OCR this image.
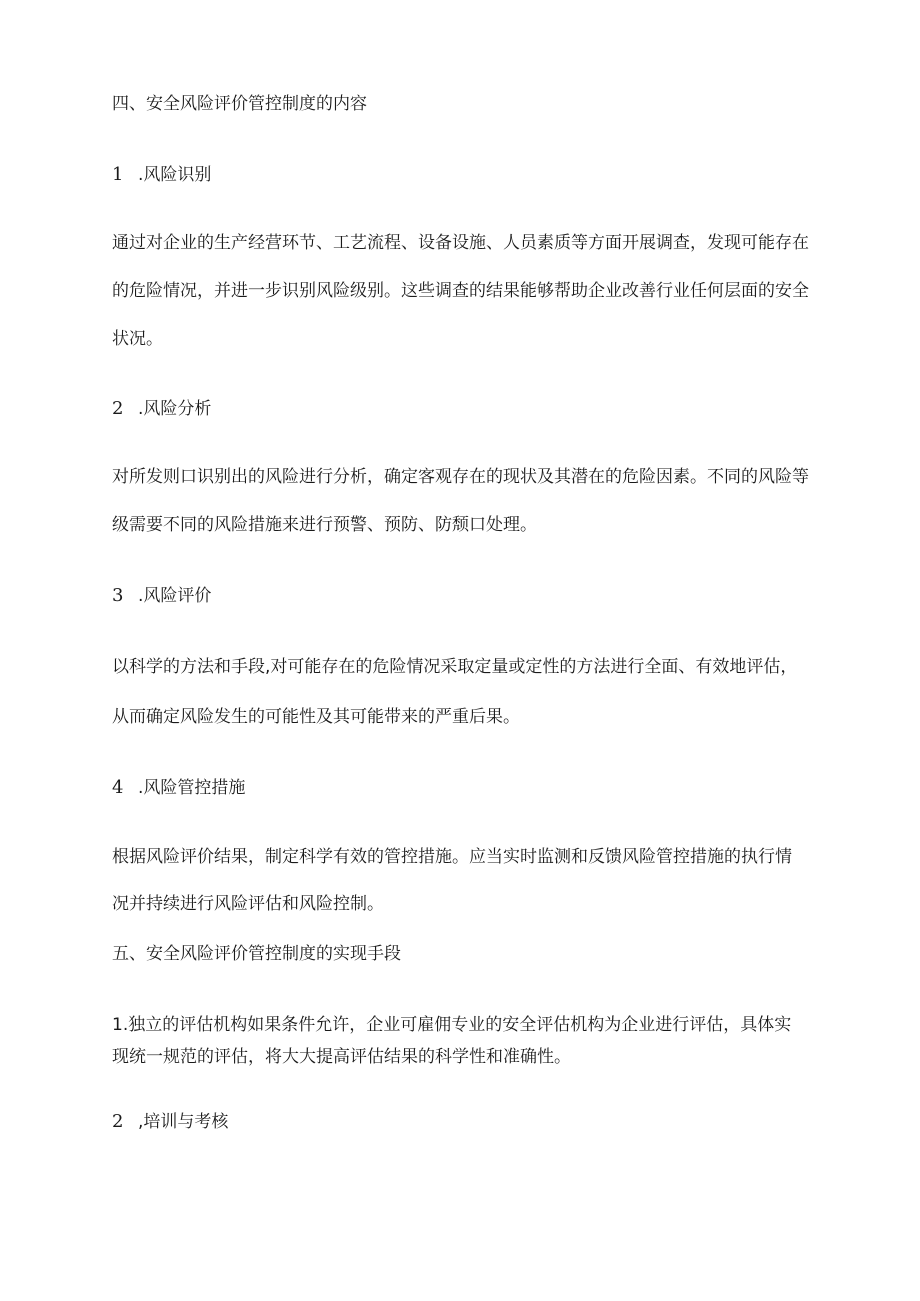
四、安全风险评价管控制度的内容

1 .风险识别

通过对企业的生产经营环节、工艺流程、设备设施、人员素质等方面开展调查，发现可能存在

的危险情况，并进一步识别风险级别。这些调查的结果能够帮助企业改善行业任何层面的安全

状况。

2 .风险分析

对所发则口识别出的风险进行分析，确定客观存在的现状及其潜在的危险因素。不同的风险等

级需要不同的风险措施来进行预警、预防、防颓口处理。

3 .风险评价

以科学的方法和手段,对可能存在的危险情况采取定量或定性的方法进行全面、有效地评估，

从而确定风险发生的可能性及其可能带来的严重后果。

4 .风险管控措施

根据风险评价结果，制定科学有效的管控措施。应当实时监测和反馈风险管控措施的执行情

况并持续进行风险评估和风险控制。

五、安全风险评价管控制度的实现手段

1.独立的评估机构如果条件允许，企业可雇佣专业的安全评估机构为企业进行评估，具体实

现统一规范的评估，将大大提高评估结果的科学性和准确性。

2 ,培训与考核
